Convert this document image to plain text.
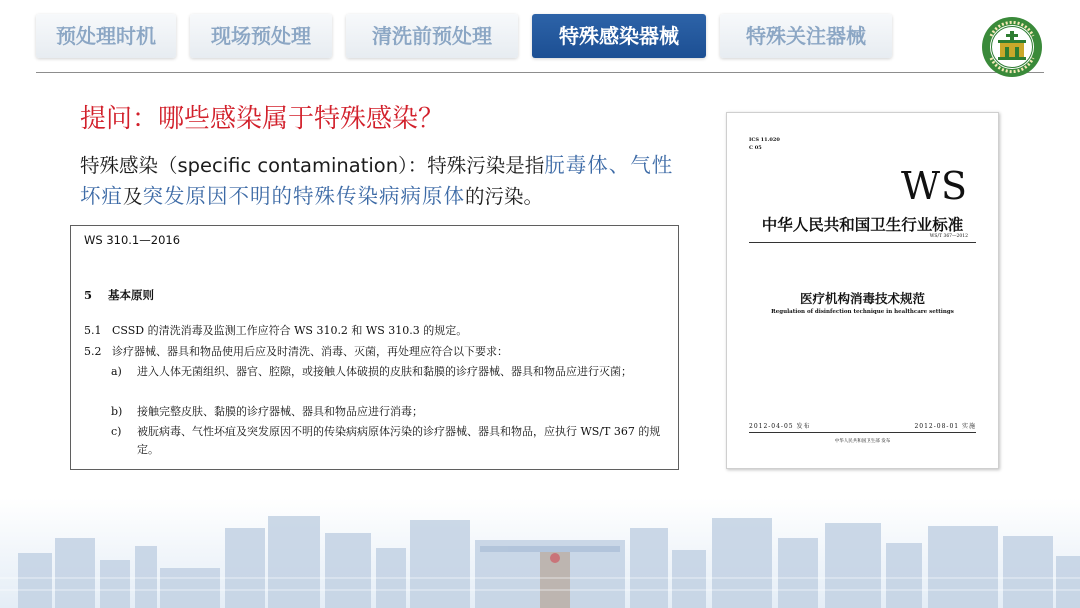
预处理时机	现场预处理	清洗前预处理	特殊感染器械	特殊关注器械
提问：哪些感染属于特殊感染？
特殊感染（specific contamination）：特殊污染是指朊毒体、气性坏疽及突发原因不明的特殊传染病病原体的污染。
WS 310.1—2016
5 基本原则
5.1 CSSD 的清洗消毒及监测工作应符合 WS 310.2 和 WS 310.3 的规定。
5.2 诊疗器械、器具和物品使用后应及时清洗、消毒、灭菌，再处理应符合以下要求：
a) 进入人体无菌组织、器官、腔隙，或接触人体破损的皮肤和黏膜的诊疗器械、器具和物品应进行灭菌；
b) 接触完整皮肤、黏膜的诊疗器械、器具和物品应进行消毒；
c) 被朊病毒、气性坏疽及突发原因不明的传染病病原体污染的诊疗器械、器具和物品，应执行 WS/T 367 的规定。
ICS 11.020
C 05
WS
中华人民共和国卫生行业标准
WS/T 367—2012
医疗机构消毒技术规范
Regulation of disinfection technique in healthcare settings
2012-04-05 发布	2012-08-01 实施
中华人民共和国卫生部 发布
